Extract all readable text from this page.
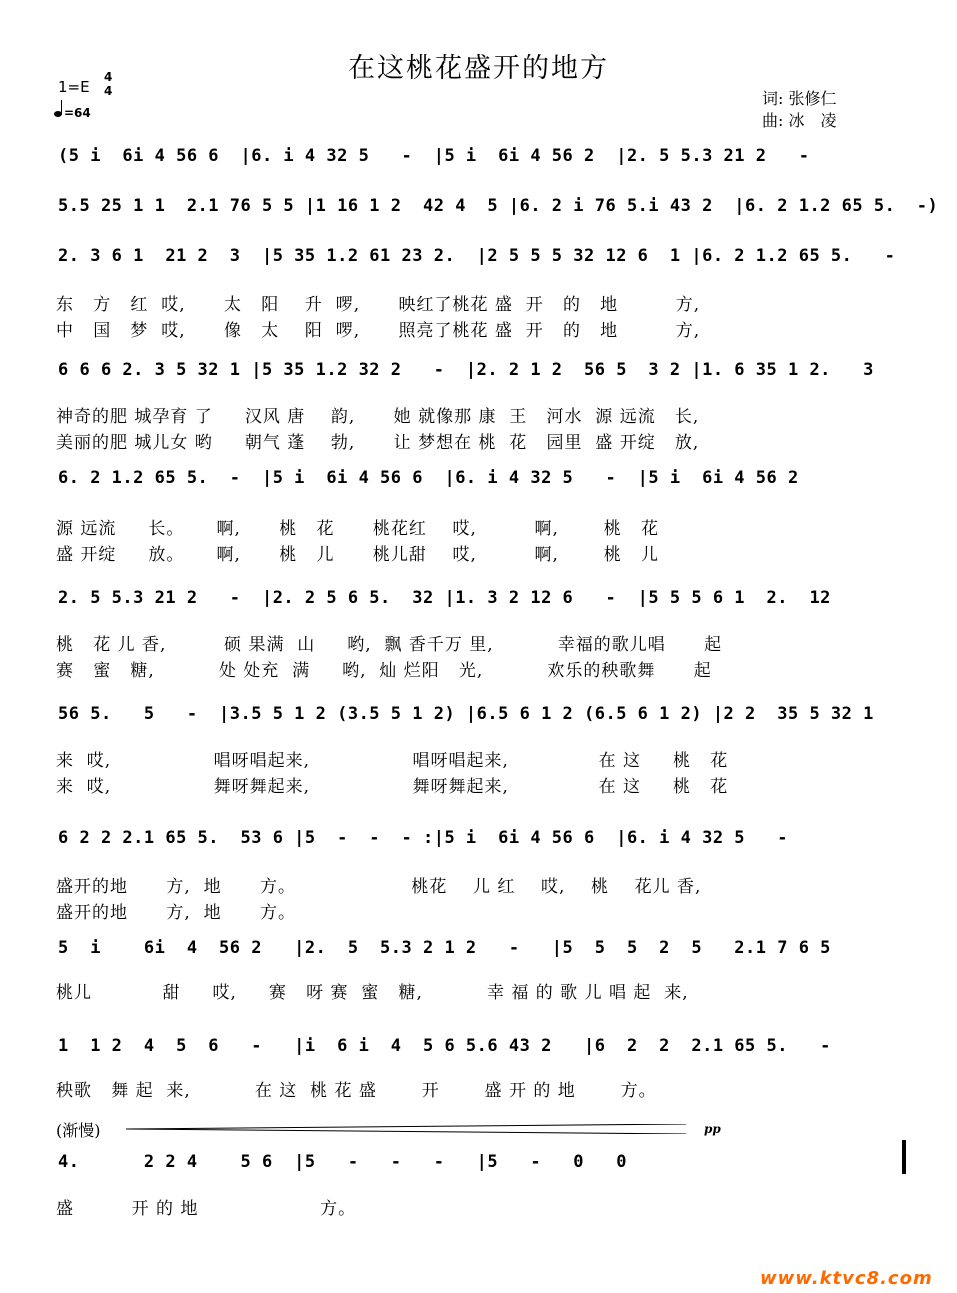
在这桃花盛开的地方
词: 张修仁
曲: 冰　凌
1=E
4
4
=64
(5 i  6i 4 56 6  |6. i 4 32 5   -  |5 i  6i 4 56 2  |2. 5 5.3 21 2   -
5.5 25 1 1  2.1 76 5 5 |1 16 1 2  42 4  5 |6. 2 i 76 5.i 43 2  |6. 2 1.2 65 5.  -)
2. 3 6 1  21 2  3  |5 35 1.2 61 23 2.  |2 5 5 5 32 12 6  1 |6. 2 1.2 65 5.   -
东   方   红  哎,      太   阳    升  啰,      映红了桃花 盛  开   的   地         方,
中   国   梦  哎,      像   太    阳  啰,      照亮了桃花 盛  开   的   地         方,
6 6 6 2. 3 5 32 1 |5 35 1.2 32 2   -  |2. 2 1 2  56 5  3 2 |1. 6 35 1 2.   3
神奇的肥 城孕育 了     汉风 唐    韵,      她 就像那 康  王   河水  源 远流   长,
美丽的肥 城儿女 哟     朝气 蓬    勃,      让 梦想在 桃  花   园里  盛 开绽   放,
6. 2 1.2 65 5.  -  |5 i  6i 4 56 6  |6. i 4 32 5   -  |5 i  6i 4 56 2
源 远流     长。     啊,      桃   花      桃花红    哎,         啊,       桃   花
盛 开绽     放。     啊,      桃   儿      桃儿甜    哎,         啊,       桃   儿
2. 5 5.3 21 2   -  |2. 2 5 6 5.  32 |1. 3 2 12 6   -  |5 5 5 6 1  2.  12
桃   花 儿 香,         硕 果满  山     哟,  飘 香千万 里,          幸福的歌儿唱      起
赛   蜜   糖,          处 处充  满     哟,  灿 烂阳   光,          欢乐的秧歌舞      起
56 5.   5   -  |3.5 5 1 2 (3.5 5 1 2) |6.5 6 1 2 (6.5 6 1 2) |2 2  35 5 32 1
来  哎,                唱呀唱起来,                唱呀唱起来,              在 这     桃   花
来  哎,                舞呀舞起来,                舞呀舞起来,              在 这     桃   花
6 2 2 2.1 65 5.  53 6 |5  -  -  - :|5 i  6i 4 56 6  |6. i 4 32 5   -
盛开的地      方,  地      方。                  桃花    儿 红    哎,    桃    花儿 香,
盛开的地      方,  地      方。
5  i    6i  4  56 2   |2.  5  5.3 2 1 2   -   |5  5  5  2  5   2.1 7 6 5
桃儿           甜     哎,     赛   呀 赛  蜜   糖,          幸 福 的 歌 儿 唱 起  来,
1  1 2  4  5  6   -   |i  6 i  4  5 6 5.6 43 2   |6  2  2  2.1 65 5.   -
秧歌   舞 起  来,          在 这  桃 花 盛       开       盛 开 的 地       方。
(渐慢)	pp
4.      2 2 4    5 6  |5   -   -   -   |5   -   0   0
盛         开 的 地                   方。
www.ktvc8.com
